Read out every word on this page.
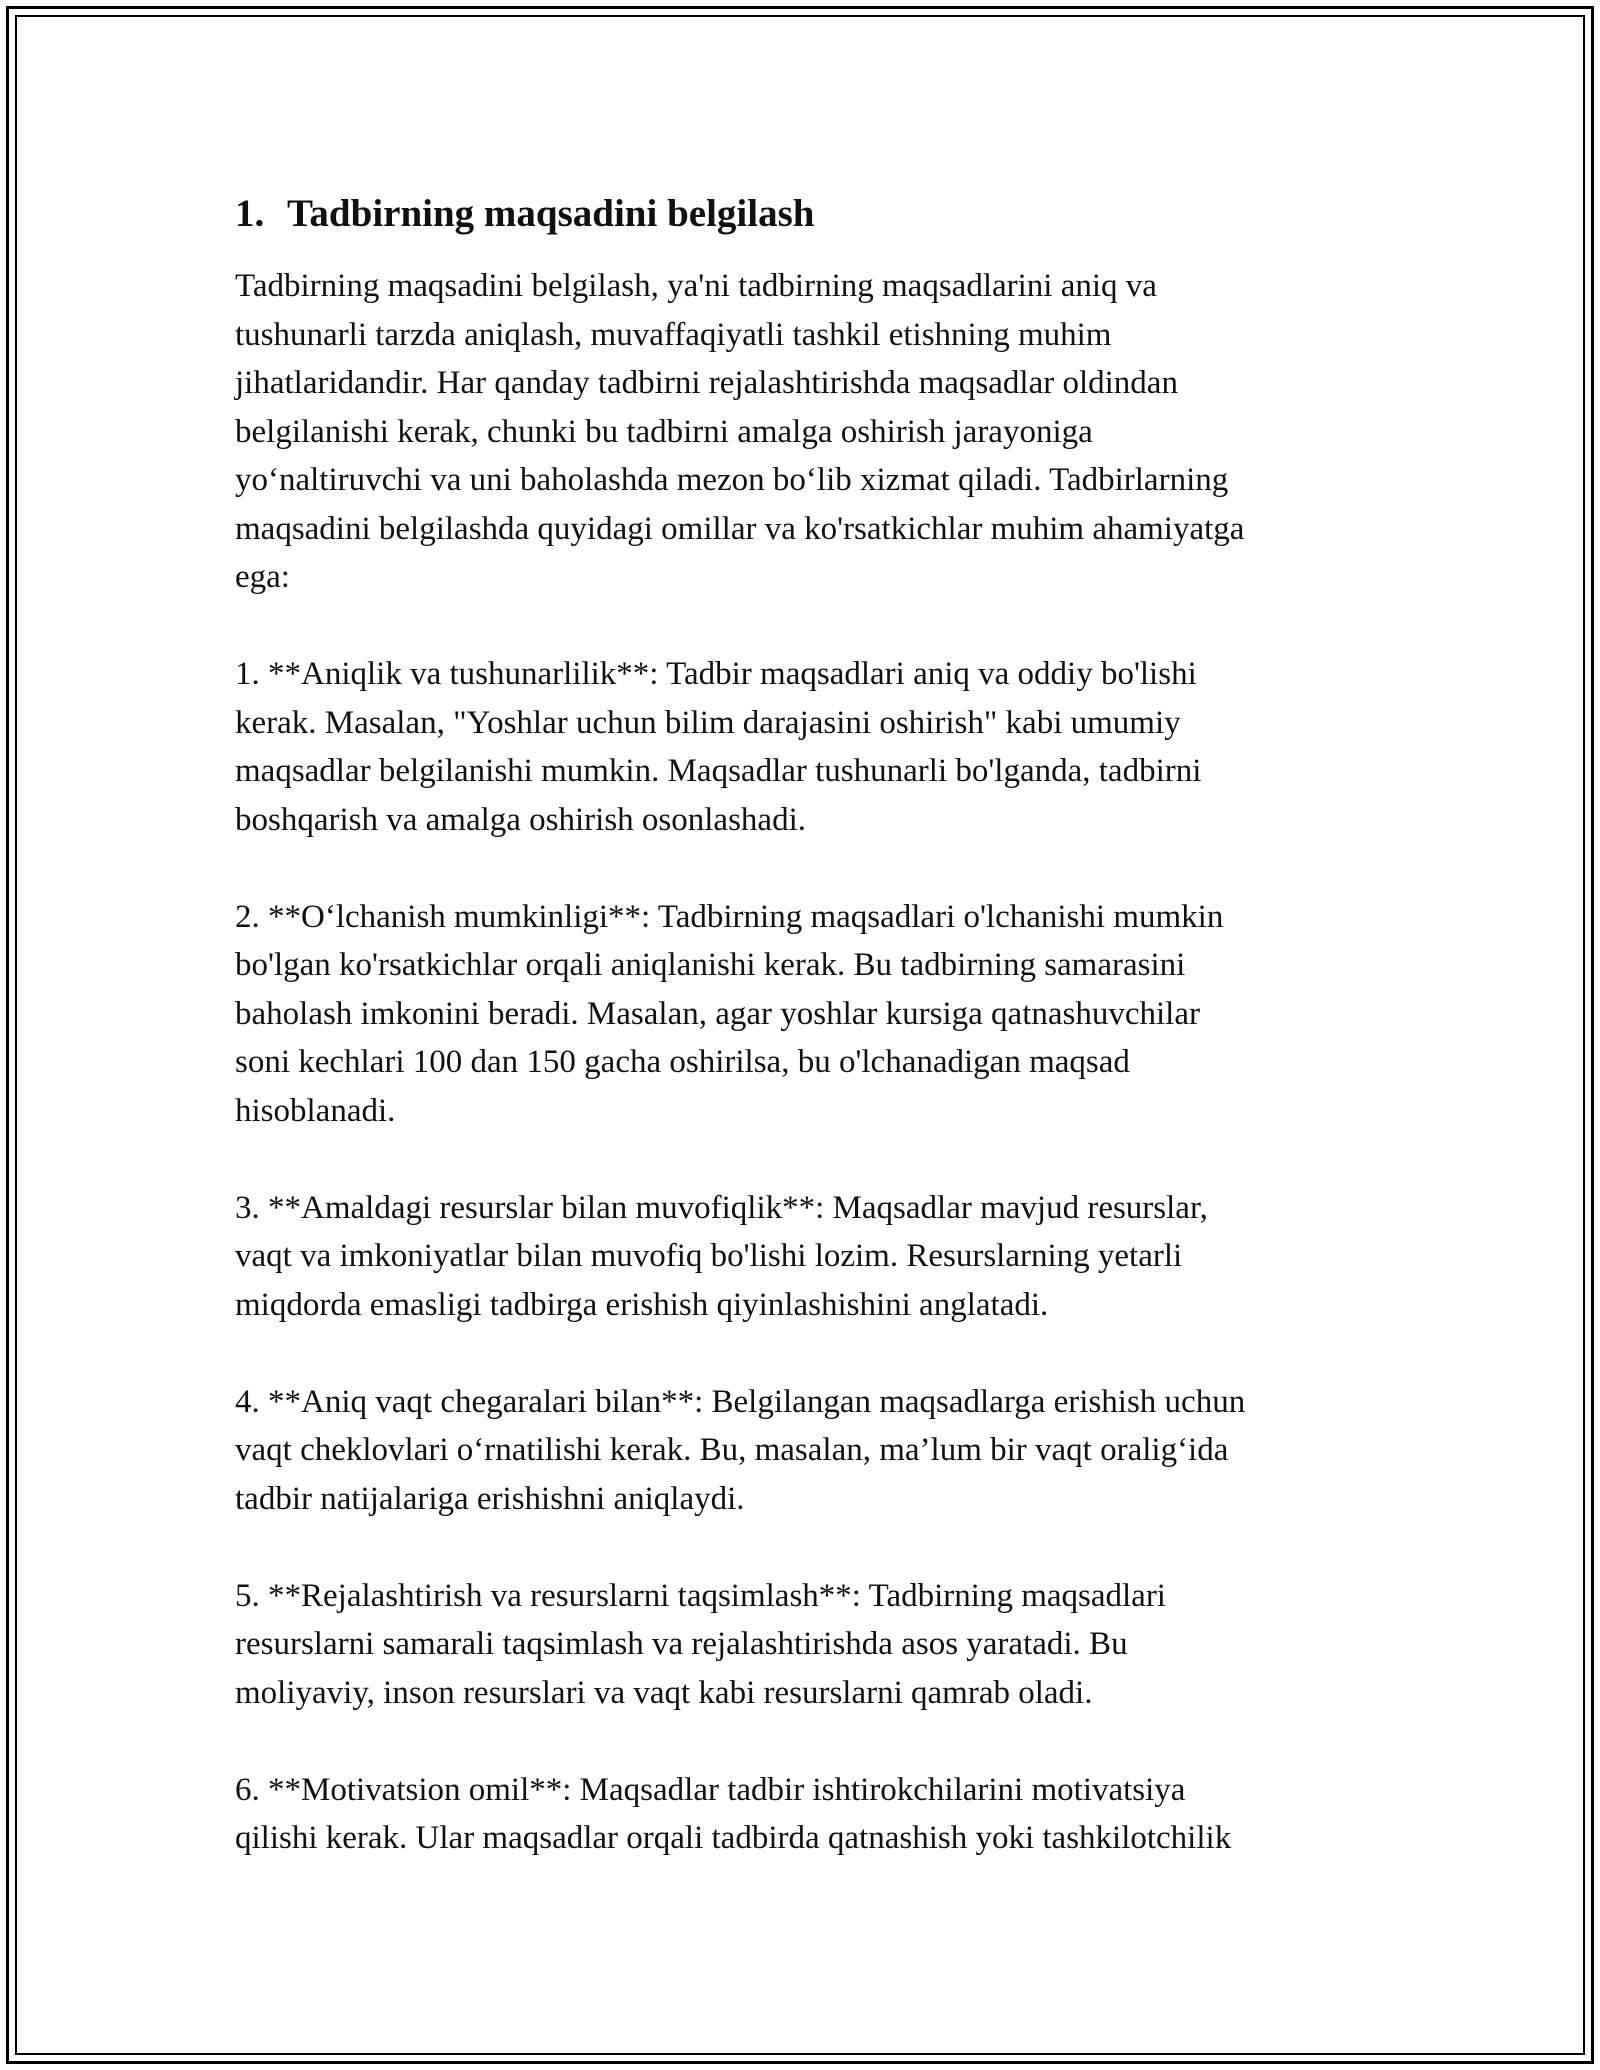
1. Tadbirning maqsadini belgilash

Tadbirning maqsadini belgilash, ya'ni tadbirning maqsadlarini aniq va
tushunarli tarzda aniqlash, muvaffaqiyatli tashkil etishning muhim
jihatlaridandir. Har qanday tadbirni rejalashtirishda maqsadlar oldindan
belgilanishi kerak, chunki bu tadbirni amalga oshirish jarayoniga
yo‘naltiruvchi va uni baholashda mezon bo‘lib xizmat qiladi. Tadbirlarning
maqsadini belgilashda quyidagi omillar va ko'rsatkichlar muhim ahamiyatga
ega:

1. **Aniqlik va tushunarlilik**: Tadbir maqsadlari aniq va oddiy bo'lishi
kerak. Masalan, "Yoshlar uchun bilim darajasini oshirish" kabi umumiy
maqsadlar belgilanishi mumkin. Maqsadlar tushunarli bo'lganda, tadbirni
boshqarish va amalga oshirish osonlashadi.

2. **O‘lchanish mumkinligi**: Tadbirning maqsadlari o'lchanishi mumkin
bo'lgan ko'rsatkichlar orqali aniqlanishi kerak. Bu tadbirning samarasini
baholash imkonini beradi. Masalan, agar yoshlar kursiga qatnashuvchilar
soni kechlari 100 dan 150 gacha oshirilsa, bu o'lchanadigan maqsad
hisoblanadi.

3. **Amaldagi resurslar bilan muvofiqlik**: Maqsadlar mavjud resurslar,
vaqt va imkoniyatlar bilan muvofiq bo'lishi lozim. Resurslarning yetarli
miqdorda emasligi tadbirga erishish qiyinlashishini anglatadi.

4. **Aniq vaqt chegaralari bilan**: Belgilangan maqsadlarga erishish uchun
vaqt cheklovlari o‘rnatilishi kerak. Bu, masalan, ma’lum bir vaqt oralig‘ida
tadbir natijalariga erishishni aniqlaydi.

5. **Rejalashtirish va resurslarni taqsimlash**: Tadbirning maqsadlari
resurslarni samarali taqsimlash va rejalashtirishda asos yaratadi. Bu
moliyaviy, inson resurslari va vaqt kabi resurslarni qamrab oladi.

6. **Motivatsion omil**: Maqsadlar tadbir ishtirokchilarini motivatsiya
qilishi kerak. Ular maqsadlar orqali tadbirda qatnashish yoki tashkilotchilik
